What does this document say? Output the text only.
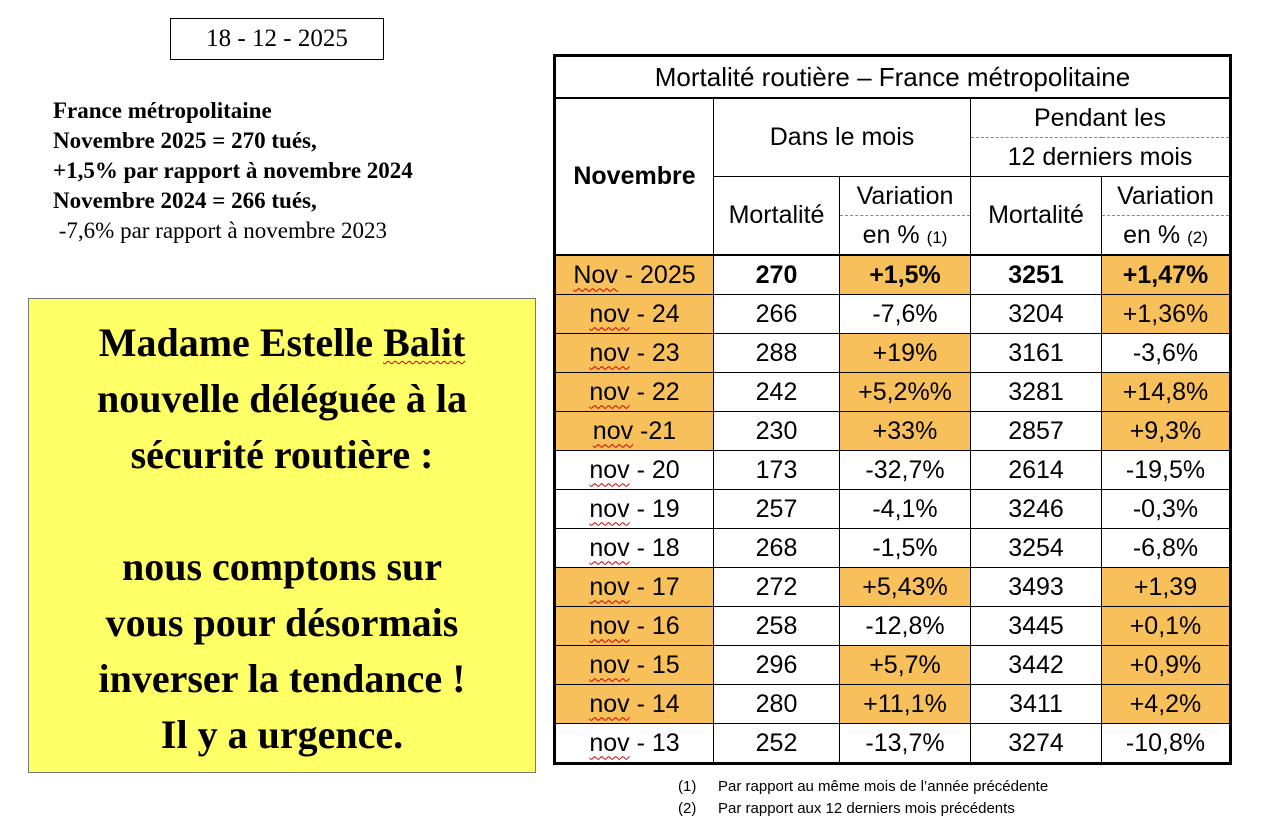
18 - 12 - 2025
France métropolitaine
Novembre 2025 = 270 tués,
+1,5% par rapport à novembre 2024
Novembre 2024 = 266 tués,
-7,6% par rapport à novembre 2023
Madame Estelle Balit
nouvelle déléguée à la
sécurité routière :
nous comptons sur
vous pour désormais
inverser la tendance !
Il y a urgence.
Mortalité routière – France métropolitaine				
Novembre	Dans le mois		Pendant les	
			12 derniers mois	
	Mortalité	Variation	Mortalité	Variation
		en % (1)		en % (2)
Nov - 2025	270	+1,5%	3251	+1,47%
nov - 24	266	-7,6%	3204	+1,36%
nov - 23	288	+19%	3161	-3,6%
nov - 22	242	+5,2%%	3281	+14,8%
nov -21	230	+33%	2857	+9,3%
nov - 20	173	-32,7%	2614	-19,5%
nov - 19	257	-4,1%	3246	-0,3%
nov - 18	268	-1,5%	3254	-6,8%
nov - 17	272	+5,43%	3493	+1,39
nov - 16	258	-12,8%	3445	+0,1%
nov - 15	296	+5,7%	3442	+0,9%
nov - 14	280	+11,1%	3411	+4,2%
nov - 13	252	-13,7%	3274	-10,8%
(1) Par rapport au même mois de l’année précédente
(2) Par rapport aux 12 derniers mois précédents
